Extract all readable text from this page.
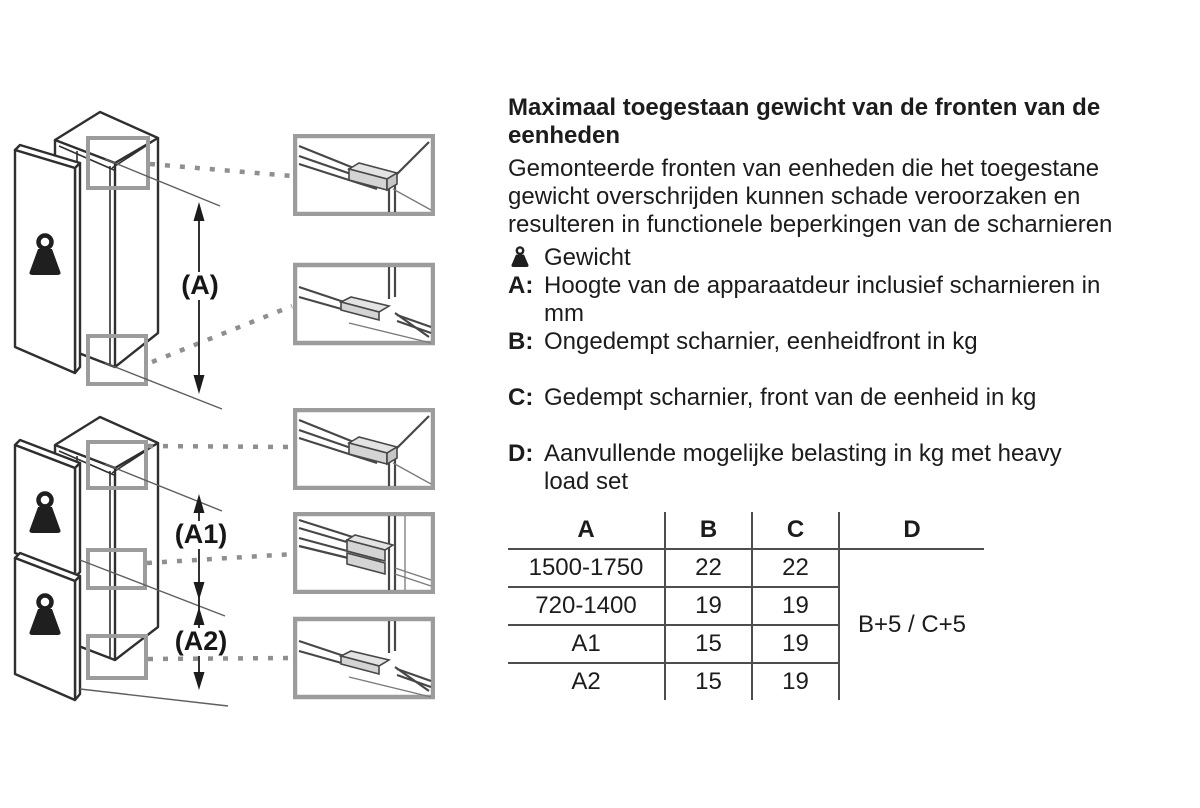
(A)
(A1)
(A2)
Maximaal toegestaan gewicht van de fronten van de
eenheden
Gemonteerde fronten van eenheden die het toegestane
gewicht overschrijden kunnen schade veroorzaken en
resulteren in functionele beperkingen van de scharnieren
Gewicht
A: Hoogte van de apparaatdeur inclusief scharnieren in
mm
B: Ongedempt scharnier, eenheidfront in kg
C: Gedempt scharnier, front van de eenheid in kg
D: Aanvullende mogelijke belasting in kg met heavy
load set
A	B	C	D
1500-1750	22	22	B+5 / C+5
720-1400	19	19	
A1	15	19	
A2	15	19	
